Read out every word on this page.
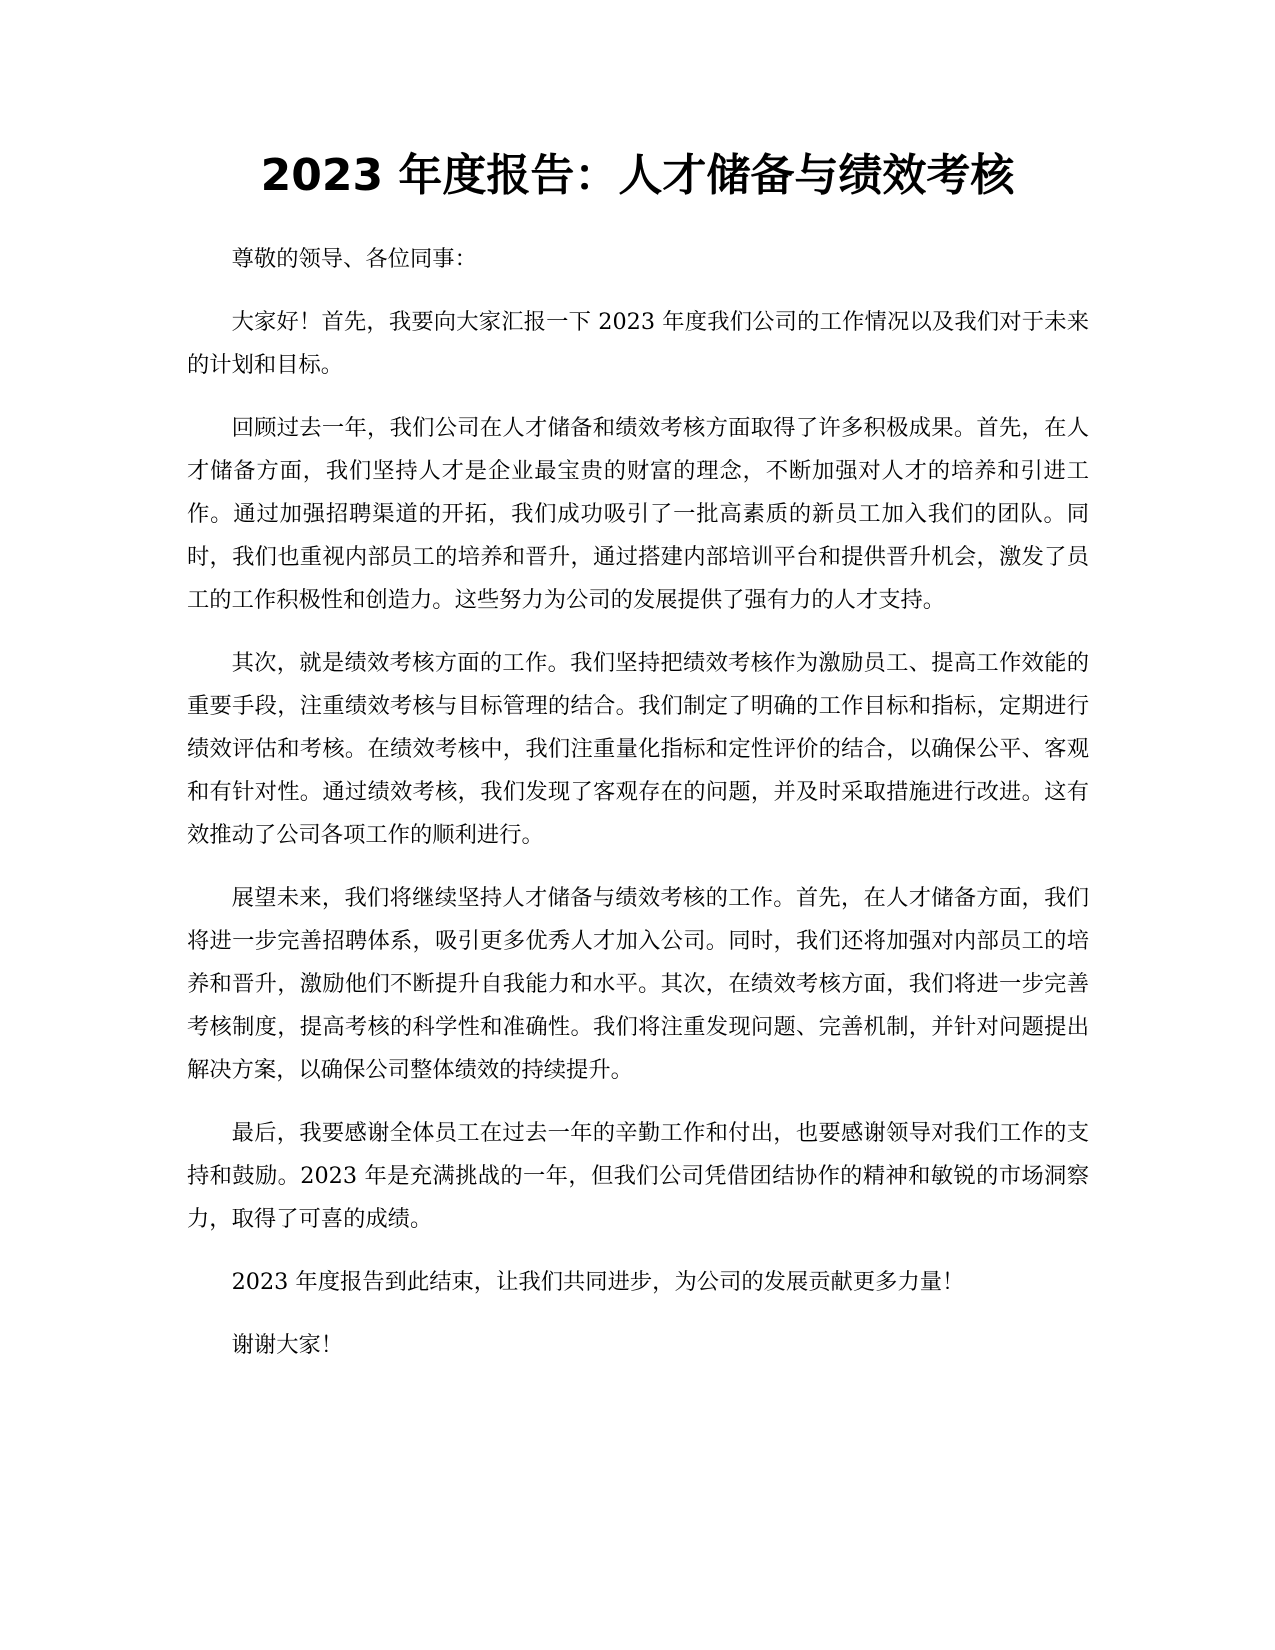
2023 年度报告：人才储备与绩效考核

尊敬的领导、各位同事：

大家好！首先，我要向大家汇报一下 2023 年度我们公司的工作情况以及我们对于未来的计划和目标。

回顾过去一年，我们公司在人才储备和绩效考核方面取得了许多积极成果。首先，在人才储备方面，我们坚持人才是企业最宝贵的财富的理念，不断加强对人才的培养和引进工作。通过加强招聘渠道的开拓，我们成功吸引了一批高素质的新员工加入我们的团队。同时，我们也重视内部员工的培养和晋升，通过搭建内部培训平台和提供晋升机会，激发了员工的工作积极性和创造力。这些努力为公司的发展提供了强有力的人才支持。

其次，就是绩效考核方面的工作。我们坚持把绩效考核作为激励员工、提高工作效能的重要手段，注重绩效考核与目标管理的结合。我们制定了明确的工作目标和指标，定期进行绩效评估和考核。在绩效考核中，我们注重量化指标和定性评价的结合，以确保公平、客观和有针对性。通过绩效考核，我们发现了客观存在的问题，并及时采取措施进行改进。这有效推动了公司各项工作的顺利进行。

展望未来，我们将继续坚持人才储备与绩效考核的工作。首先，在人才储备方面，我们将进一步完善招聘体系，吸引更多优秀人才加入公司。同时，我们还将加强对内部员工的培养和晋升，激励他们不断提升自我能力和水平。其次，在绩效考核方面，我们将进一步完善考核制度，提高考核的科学性和准确性。我们将注重发现问题、完善机制，并针对问题提出解决方案，以确保公司整体绩效的持续提升。

最后，我要感谢全体员工在过去一年的辛勤工作和付出，也要感谢领导对我们工作的支持和鼓励。2023 年是充满挑战的一年，但我们公司凭借团结协作的精神和敏锐的市场洞察力，取得了可喜的成绩。

2023 年度报告到此结束，让我们共同进步，为公司的发展贡献更多力量！

谢谢大家！
